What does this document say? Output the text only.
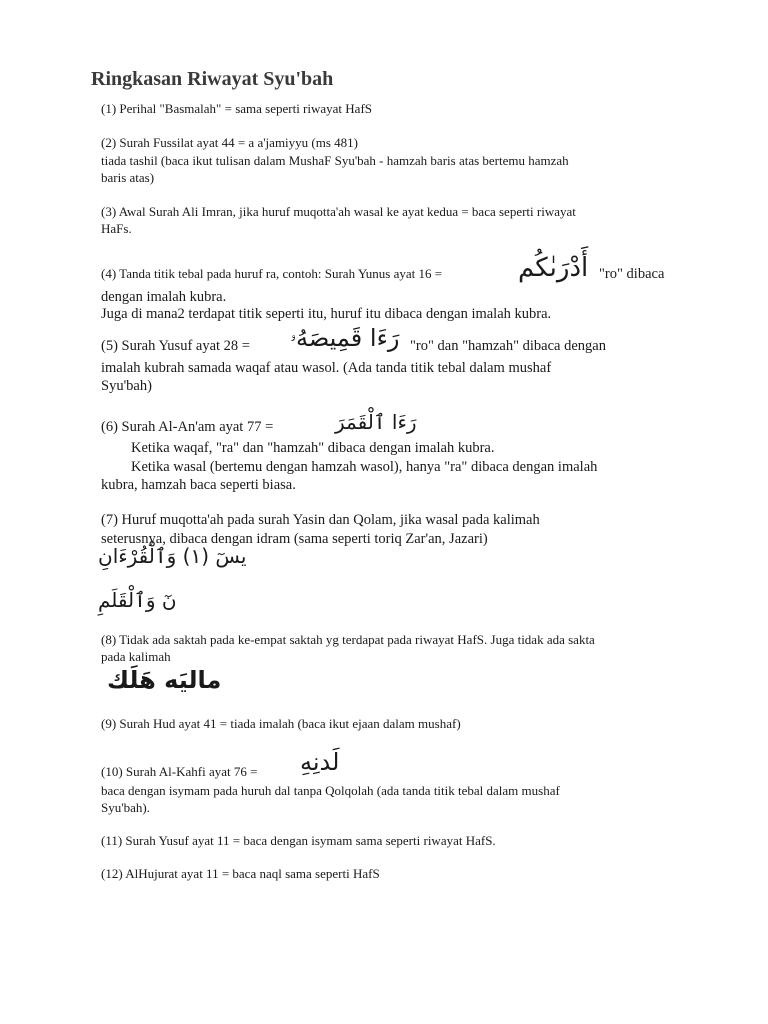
Ringkasan Riwayat Syu'bah
(1) Perihal "Basmalah" = sama seperti riwayat HafS
(2) Surah Fussilat ayat 44 = a a'jamiyyu (ms 481)
tiada tashil (baca ikut tulisan dalam MushaF Syu'bah - hamzah baris atas bertemu hamzah
baris atas)
(3) Awal Surah Ali Imran, jika huruf muqotta'ah wasal ke ayat kedua = baca seperti riwayat
HaFs.
(4) Tanda titik tebal pada huruf ra, contoh: Surah Yunus ayat 16 =	أَدْرَىٰكُم "ro" dibaca
dengan imalah kubra.
Juga di mana2 terdapat titik seperti itu, huruf itu dibaca dengan imalah kubra.
(5) Surah Yusuf ayat 28 = رَءَا قَمِيصَهُۥ "ro" dan "hamzah" dibaca dengan
imalah kubrah samada waqaf atau wasol. (Ada tanda titik tebal dalam mushaf
Syu'bah)
(6) Surah Al-An'am ayat 77 =	رَءَا ٱلْقَمَرَ
Ketika waqaf, "ra" dan "hamzah" dibaca dengan imalah kubra.
Ketika wasal (bertemu dengan hamzah wasol), hanya "ra" dibaca dengan imalah
kubra, hamzah baca seperti biasa.
(7) Huruf muqotta'ah pada surah Yasin dan Qolam, jika wasal pada kalimah
seterusnya, dibaca dengan idram (sama seperti toriq Zar'an, Jazari)
يسٓ (١) وَٱلْقُرْءَانِ
نٓ وَٱلْقَلَمِ
(8) Tidak ada saktah pada ke-empat saktah yg terdapat pada riwayat HafS. Juga tidak ada sakta
pada kalimah
ماليَه هَلَك
(9) Surah Hud ayat 41 = tiada imalah (baca ikut ejaan dalam mushaf)
(10) Surah Al-Kahfi ayat 76 = لَدنِهِ
baca dengan isymam pada huruh dal tanpa Qolqolah (ada tanda titik tebal dalam mushaf
Syu'bah).
(11) Surah Yusuf ayat 11 = baca dengan isymam sama seperti riwayat HafS.
(12) AlHujurat ayat 11 = baca naql sama seperti HafS
